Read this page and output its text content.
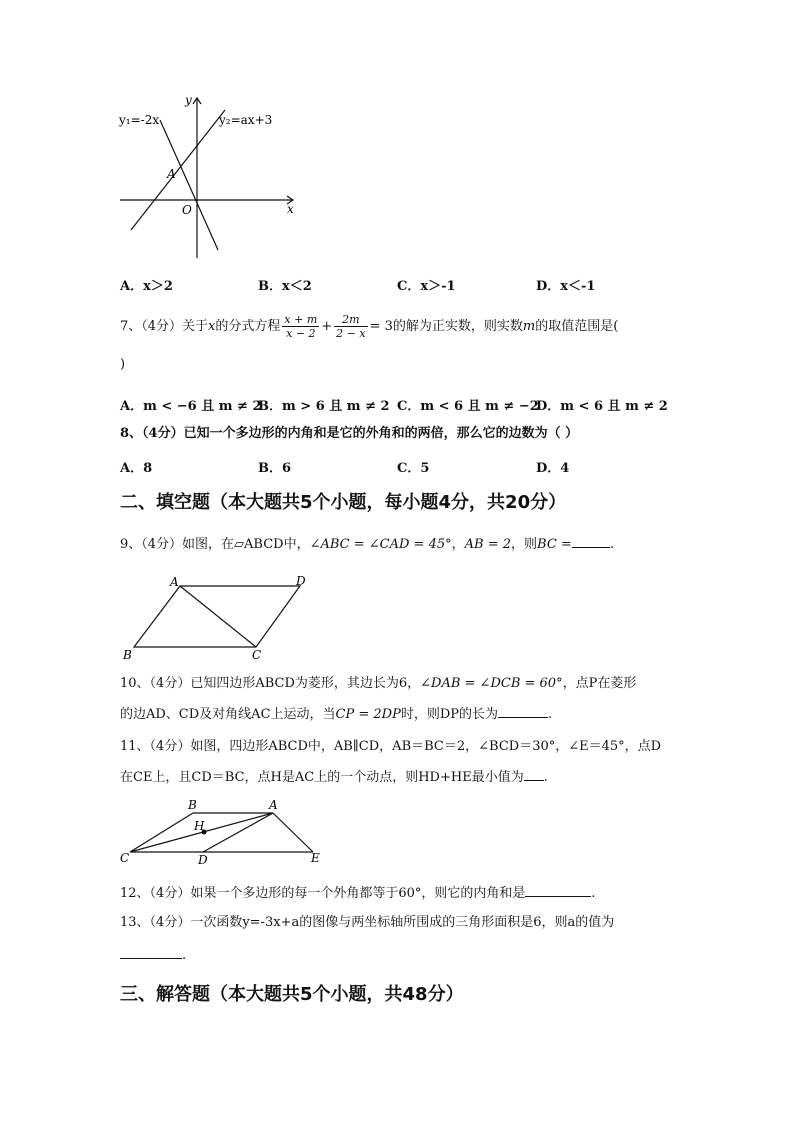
y₁=-2x	y₂=ax+3
y
x
A
O
A．x＞2	B．x＜2	C．x＞-1	D．x＜-1
7、（4分）关于x的分式方程 $\frac{x + m}{x - 2} + \frac{2m}{2 - x} = 3$的解为正实数，则实数m的取值范围是(
)
A．m < −6 且 m ≠ 2
B．m > 6 且 m ≠ 2 C．m < 6 且 m ≠ −2
D．m < 6 且 m ≠ 2
8、（4分）已知一个多边形的内角和是它的外角和的两倍，那么它的边数为（ ）
A．8	B．6	C．5	D．4
二、填空题（本大题共5个小题，每小题4分，共20分）
9、（4分）如图，在▱ABCD中，∠ABC = ∠CAD = 45°，AB = 2，则BC =	.
A	D
B	C
10、（4分）已知四边形ABCD为菱形，其边长为6，∠DAB = ∠DCB = 60°，点P在菱形
的边AD、CD及对角线AC上运动，当CP = 2DP时，则DP的长为	.
11、（4分）如图，四边形ABCD中，AB∥CD，AB＝BC＝2，∠BCD＝30°，∠E＝45°，点D
在CE上，且CD＝BC，点H是AC上的一个动点，则HD+HE最小值为 .
B	A
H
C	D	E
12、（4分）如果一个多边形的每一个外角都等于60°，则它的内角和是	.
13、（4分）一次函数y=-3x+a的图像与两坐标轴所围成的三角形面积是6，则a的值为
.
三、解答题（本大题共5个小题，共48分）
